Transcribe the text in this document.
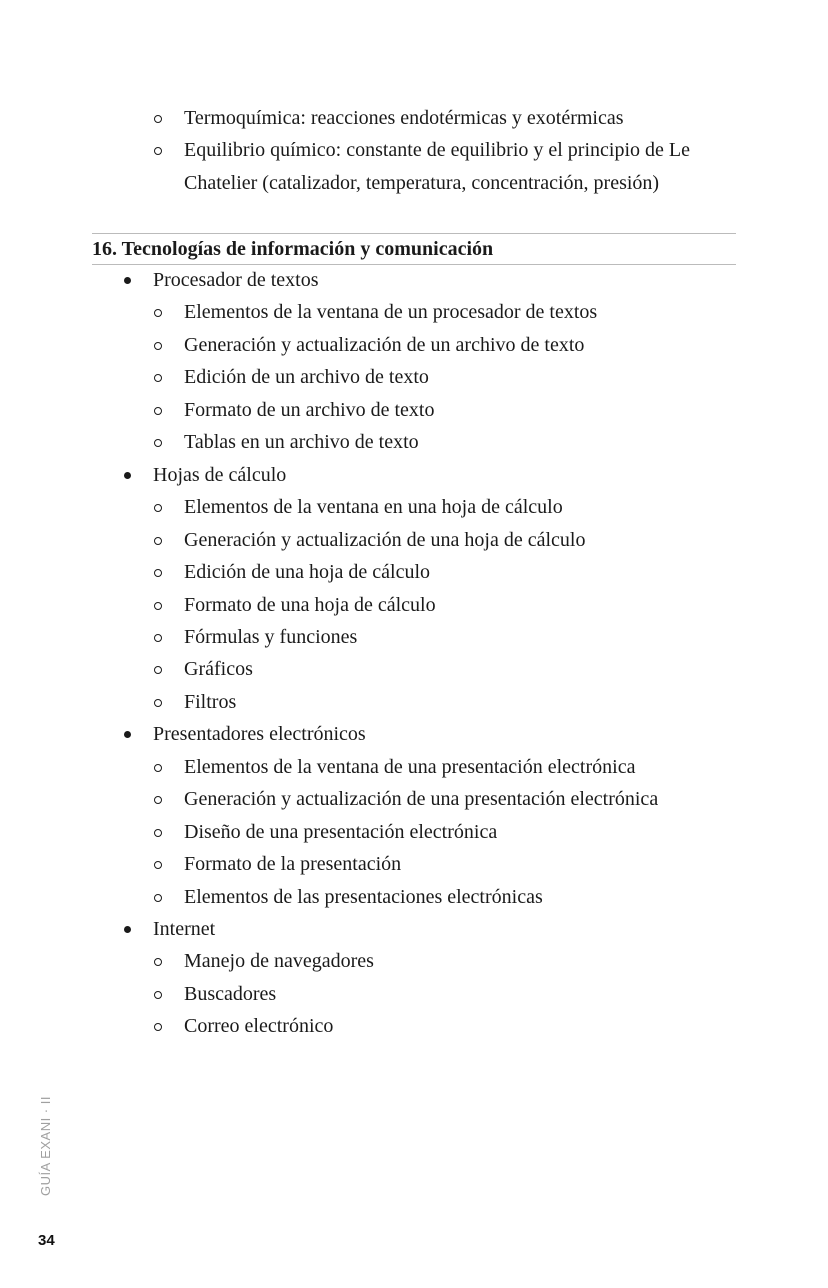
Termoquímica: reacciones endotérmicas y exotérmicas
Equilibrio químico: constante de equilibrio y el principio de Le
Chatelier (catalizador, temperatura, concentración, presión)
16. Tecnologías de información y comunicación
Procesador de textos
Elementos de la ventana de un procesador de textos
Generación y actualización de un archivo de texto
Edición de un archivo de texto
Formato de un archivo de texto
Tablas en un archivo de texto
Hojas de cálculo
Elementos de la ventana en una hoja de cálculo
Generación y actualización de una hoja de cálculo
Edición de una hoja de cálculo
Formato de una hoja de cálculo
Fórmulas y funciones
Gráficos
Filtros
Presentadores electrónicos
Elementos de la ventana de una presentación electrónica
Generación y actualización de una presentación electrónica
Diseño de una presentación electrónica
Formato de la presentación
Elementos de las presentaciones electrónicas
Internet
Manejo de navegadores
Buscadores
Correo electrónico
GUÍA EXANI · II
34
